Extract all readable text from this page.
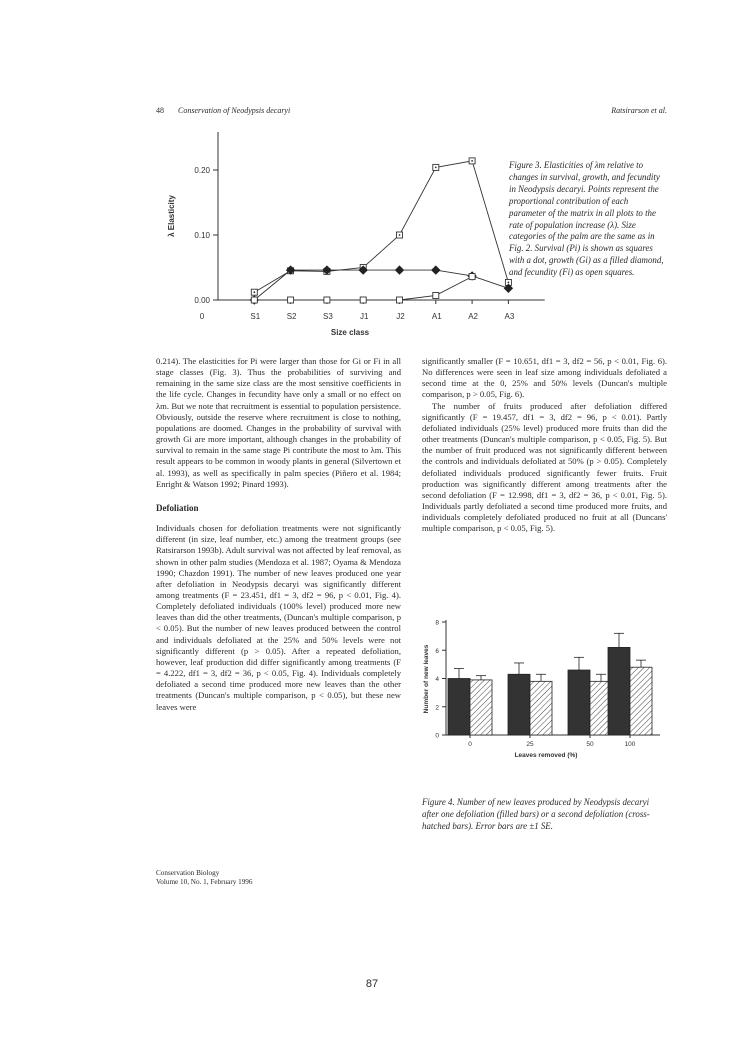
48 Conservation of Neodypsis decaryi	Ratsirarson et al.
0.00
0.10
0.20
0	S1	S2	S3	J1	J2	A1	A2	A3
Size class
λ Elasticity
Figure 3. Elasticities of λm relative to changes in survival, growth, and fecundity in Neodypsis decaryi. Points represent the proportional contribution of each parameter of the matrix in all plots to the rate of population increase (λ). Size categories of the palm are the same as in Fig. 2. Survival (Pi) is shown as squares with a dot, growth (Gi) as a filled diamond, and fecundity (Fi) as open squares.

0.214). The elasticities for Pi were larger than those for Gi or Fi in all stage classes (Fig. 3). Thus the probabilities of surviving and remaining in the same size class are the most sensitive coefficients in the life cycle. Changes in fecundity have only a small or no effect on λm. But we note that recruitment is essential to population persistence. Obviously, outside the reserve where recruitment is close to nothing, populations are doomed. Changes in the probability of survival with growth Gi are more important, although changes in the probability of survival to remain in the same stage Pi contribute the most to λm. This result appears to be common in woody plants in general (Silvertown et al. 1993), as well as specifically in palm species (Piñero et al. 1984; Enright & Watson 1992; Pinard 1993).

Defoliation

Individuals chosen for defoliation treatments were not significantly different (in size, leaf number, etc.) among the treatment groups (see Ratsirarson 1993b). Adult survival was not affected by leaf removal, as shown in other palm studies (Mendoza et al. 1987; Oyama & Mendoza 1990; Chazdon 1991). The number of new leaves produced one year after defoliation in Neodypsis decaryi was significantly different among treatments (F = 23.451, df1 = 3, df2 = 96, p < 0.01, Fig. 4). Completely defoliated individuals (100% level) produced more new leaves than did the other treatments, (Duncan's multiple comparison, p < 0.05). But the number of new leaves produced between the control and individuals defoliated at the 25% and 50% levels were not significantly different (p > 0.05). After a repeated defoliation, however, leaf production did differ significantly among treatments (F = 4.222, df1 = 3, df2 = 36, p < 0.05, Fig. 4). Individuals completely defoliated a second time produced more new leaves than the other treatments (Duncan's multiple comparison, p < 0.05), but these new leaves were

significantly smaller (F = 10.651, df1 = 3, df2 = 56, p < 0.01, Fig. 6). No differences were seen in leaf size among individuals defoliated a second time at the 0, 25% and 50% levels (Duncan's multiple comparison, p > 0.05, Fig. 6).

The number of fruits produced after defoliation differed significantly (F = 19.457, df1 = 3, df2 = 96, p < 0.01). Partly defoliated individuals (25% level) produced more fruits than did the other treatments (Duncan's multiple comparison, p < 0.05, Fig. 5). But the number of fruit produced was not significantly different between the controls and individuals defoliated at 50% (p > 0.05). Completely defoliated individuals produced significantly fewer fruits. Fruit production was significantly different among treatments after the second defoliation (F = 12.998, df1 = 3, df2 = 36, p < 0.01, Fig. 5). Individuals partly defoliated a second time produced more fruits, and individuals completely defoliated produced no fruit at all (Duncans' multiple comparison, p < 0.05, Fig. 5).

0
2
4
6
8
Number of new leaves
Leaves removed (%)
0	25	50	100
Figure 4. Number of new leaves produced by Neodypsis decaryi after one defoliation (filled bars) or a second defoliation (cross-hatched bars). Error bars are ±1 SE.
Conservation Biology
Volume 10, No. 1, February 1996
87
